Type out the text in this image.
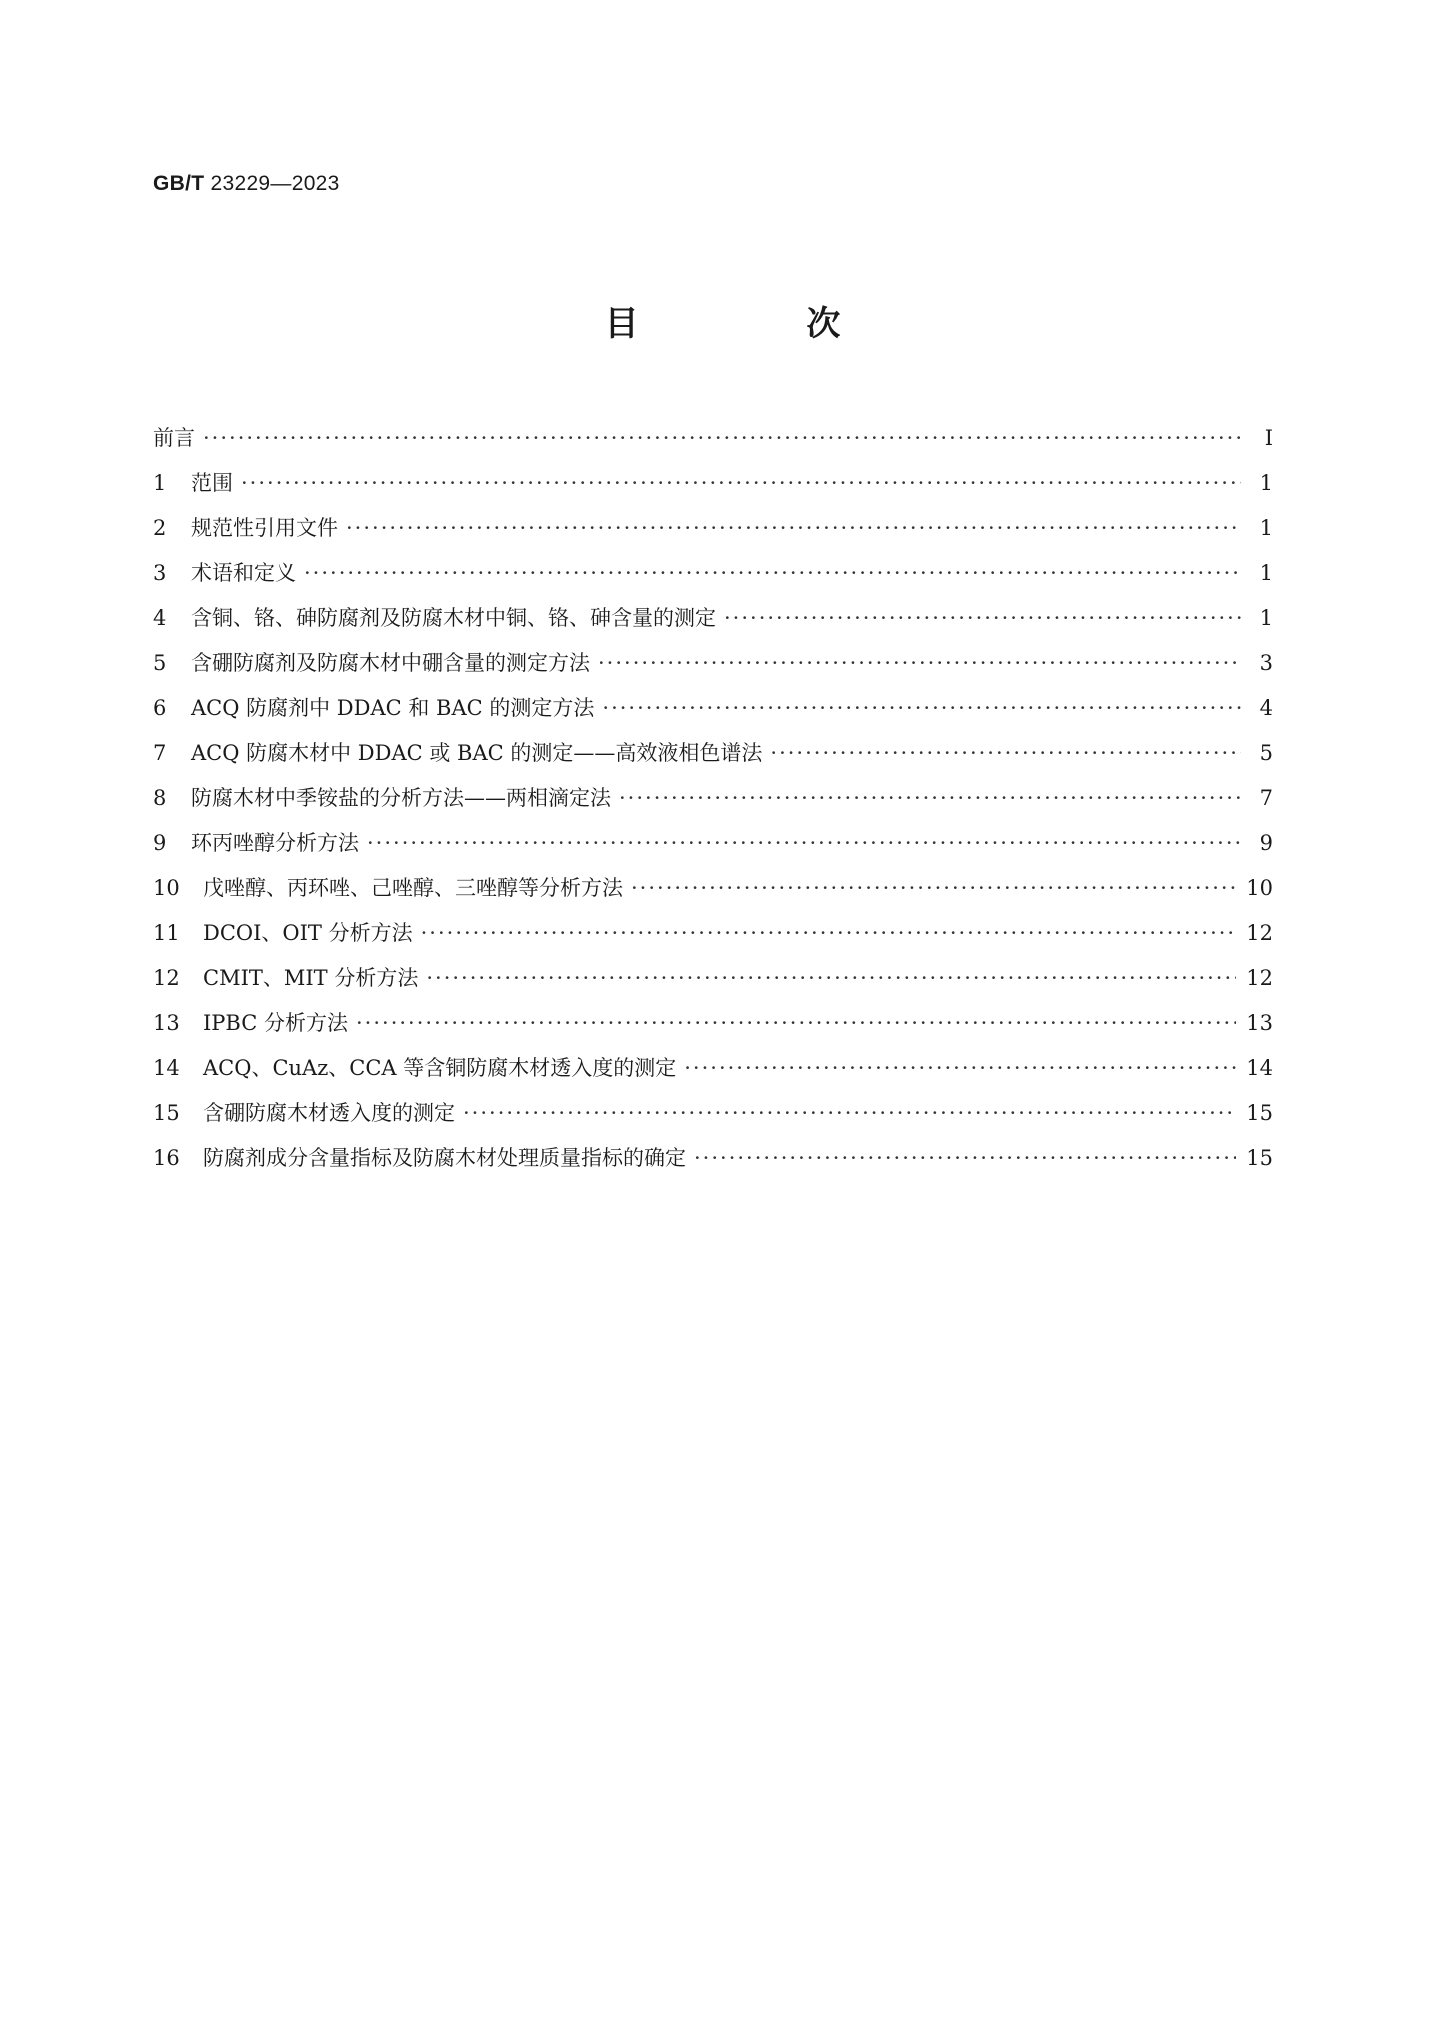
GB/T 23229—2023
目 次
前言 ·····	Ⅰ
1	范围 ·····	1
2	规范性引用文件 ·····	1
3	术语和定义 ·····	1
4	含铜、铬、砷防腐剂及防腐木材中铜、铬、砷含量的测定 ·····	1
5	含硼防腐剂及防腐木材中硼含量的测定方法 ·····	3
6	ACQ 防腐剂中 DDAC 和 BAC 的测定方法 ·····	4
7	ACQ 防腐木材中 DDAC 或 BAC 的测定——高效液相色谱法 ·····	5
8	防腐木材中季铵盐的分析方法——两相滴定法 ·····	7
9	环丙唑醇分析方法 ·····	9
10	戊唑醇、丙环唑、己唑醇、三唑醇等分析方法 ·····	10
11	DCOI、OIT 分析方法 ·····	12
12	CMIT、MIT 分析方法 ·····	12
13	IPBC 分析方法 ·····	13
14	ACQ、CuAz、CCA 等含铜防腐木材透入度的测定 ·····	14
15	含硼防腐木材透入度的测定 ·····	15
16	防腐剂成分含量指标及防腐木材处理质量指标的确定 ·····	15
